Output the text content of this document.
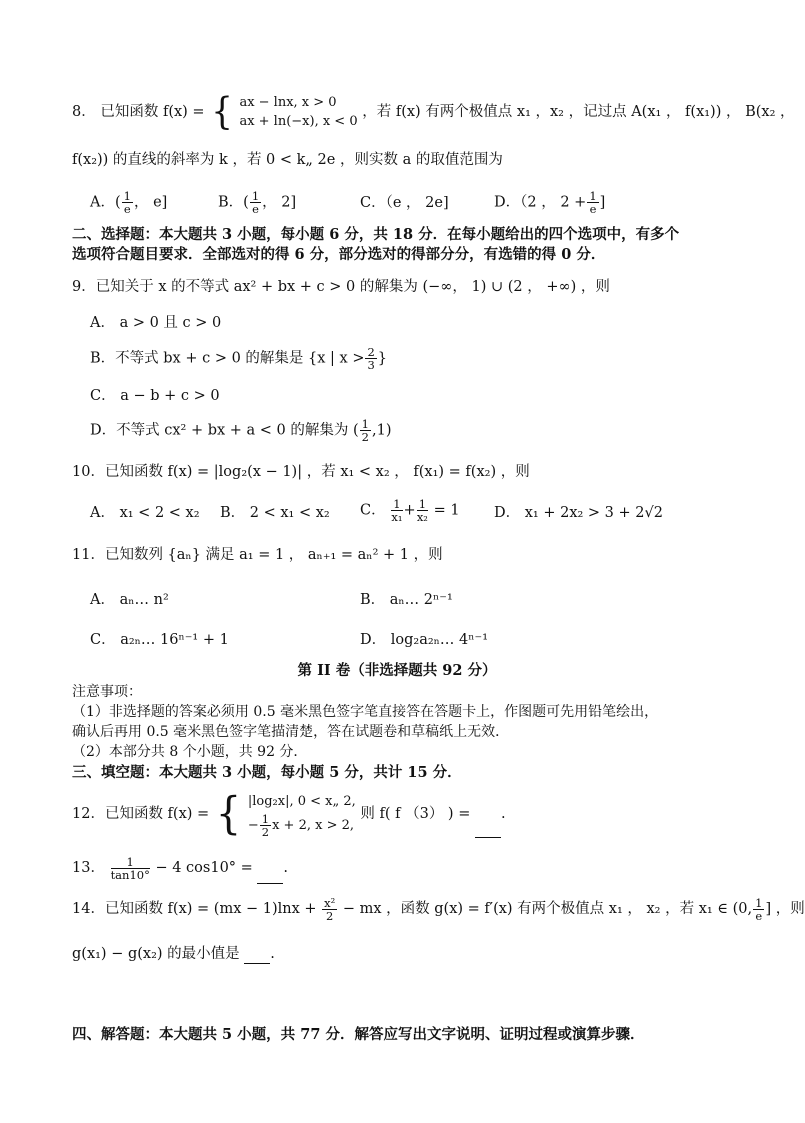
8． 已知函数 f(x) = { ax − lnx, x > 0
ax + ln(−x), x < 0
，若 f(x) 有两个极值点 x₁ ，x₂ ，记过点 A(x₁ ， f(x₁)) ， B(x₂ ，
f(x₂)) 的直线的斜率为 k ，若 0 < k„ 2e ，则实数 a 的取值范围为
A．( $\frac{1}{e}$ ， e]	B．( $\frac{1}{e}$ ， 2]	C．（e ， 2e]	D．（2 ， $2 + \frac{1}{e}$ ]
二、选择题：本大题共 3 小题，每小题 6 分，共 18 分．在每小题给出的四个选项中，有多个
选项符合题目要求．全部选对的得 6 分，部分选对的得部分分，有选错的得 0 分．
9．已知关于 x 的不等式 ax² + bx + c > 0 的解集为 (−∞， 1) ∪ (2 ， +∞) ，则
A． a > 0 且 c > 0
B．不等式 bx + c > 0 的解集是 {x | $x > \frac{2}{3}$ }
C． a − b + c > 0
D．不等式 cx² + bx + a < 0 的解集为 ( $\frac{1}{2} ,1$)
10．已知函数 f(x) = |log₂(x − 1)| ，若 x₁ < x₂ ， f(x₁) = f(x₂) ，则
A． x₁ < 2 < x₂ B． 2 < x₁ < x₂ C． $\frac{1}{\text{x₁}} + \frac{1}{\text{x₂}} = 1$ D． x₁ + 2x₂ > 3 + 2√2
11．已知数列 {aₙ} 满足 a₁ = 1 ， aₙ₊₁ = aₙ² + 1 ，则
A． aₙ… n²	B． aₙ… 2ⁿ⁻¹
C． a₂ₙ… 16ⁿ⁻¹ + 1	D． log₂a₂ₙ… 4ⁿ⁻¹
第 II 卷（非选择题共 92 分）
注意事项：
（1）非选择题的答案必须用 0.5 毫米黑色签字笔直接答在答题卡上，作图题可先用铅笔绘出，
确认后再用 0.5 毫米黑色签字笔描清楚，答在试题卷和草稿纸上无效．
（2）本部分共 8 个小题，共 92 分．
三、填空题：本大题共 3 小题，每小题 5 分，共计 15 分．
12．已知函数 f(x) = { |log₂x|, 0 < x„ 2,
− $\frac{1}{2}$ x + 2, x > 2,
则 f( f （3） ) = .
13． $\frac{1}{\tan 10^\circ} - 4$ cos10° = .
14．已知函数 $f(x) = (mx - 1)\ln x + \frac{\text{x²}}{2}$ − mx ，函数 g(x) = f′(x) 有两个极值点 x₁ ， x₂ ，若 x₁ ∈ (0, $\frac{1}{e}$ ] ，则
g(x₁) − g(x₂) 的最小值是 .
四、解答题：本大题共 5 小题，共 77 分．解答应写出文字说明、证明过程或演算步骤．
